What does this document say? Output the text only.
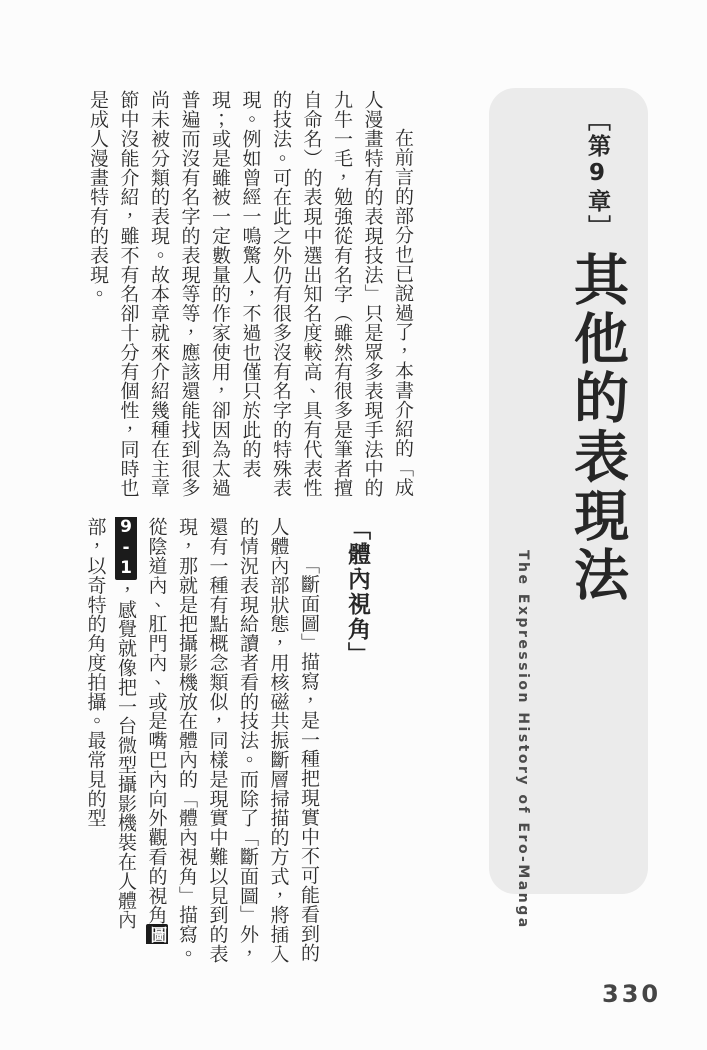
［第9章］其他的表現法
The Expression History of Ero-Manga

在前言的部分也已說過了，本書介紹的「成人漫畫特有的表現技法」只是眾多表現手法中的九牛一毛，勉強從有名字（雖然有很多是筆者擅自命名）的表現中選出知名度較高、具有代表性的技法。可在此之外仍有很多沒有名字的特殊表現。例如曾經一鳴驚人，不過也僅只於此的表現；或是雖被一定數量的作家使用，卻因為太過普遍而沒有名字的表現等等，應該還能找到很多尚未被分類的表現。故本章就來介紹幾種在主章節中沒能介紹，雖不有名卻十分有個性，同時也是成人漫畫特有的表現。

「體內視角」

「斷面圖」描寫，是一種把現實中不可能看到的人體內部狀態，用核磁共振斷層掃描的方式，將插入的情況表現給讀者看的技法。而除了「斷面圖」外，還有一種有點概念類似，同樣是現實中難以見到的表現，那就是把攝影機放在體內的「體內視角」描寫。從陰道內、肛門內、或是嘴巴內向外觀看的視角圖9-1，感覺就像把一台微型攝影機裝在人體內部，以奇特的角度拍攝。最常見的型

330
